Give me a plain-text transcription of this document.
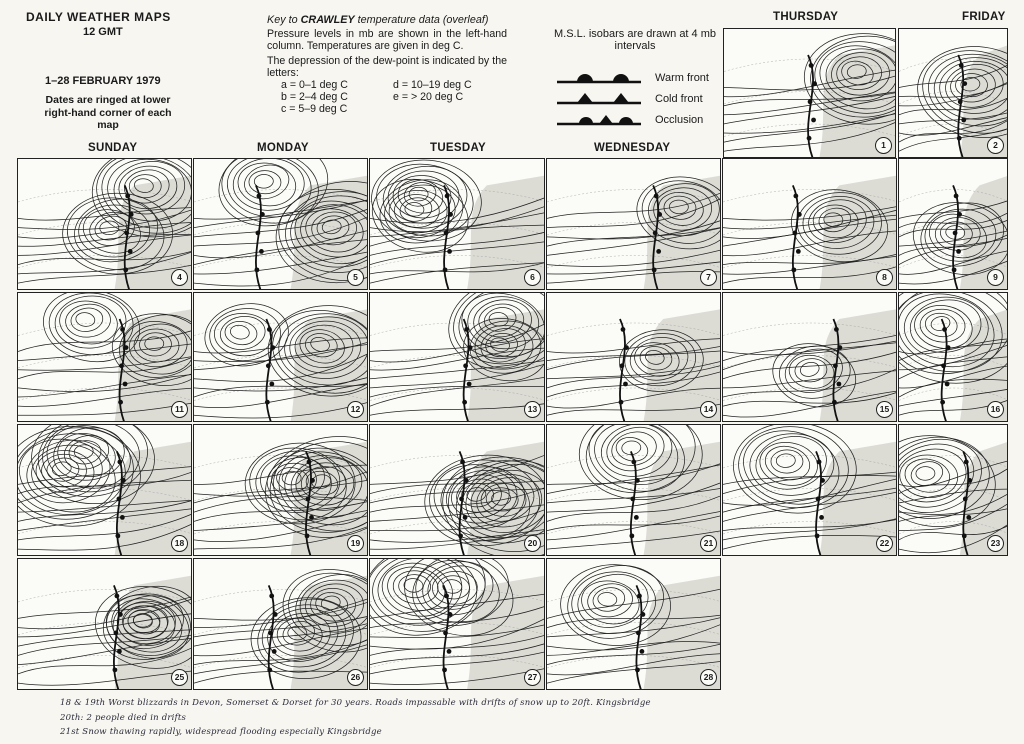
DAILY WEATHER MAPS
12 GMT
1–28 FEBRUARY 1979
Dates are ringed at lower right-hand corner of each map

Key to CRAWLEY temperature data (overleaf)

Pressure levels in mb are shown in the left-hand column. Temperatures are given in deg C.

The depression of the dew-point is indicated by the letters:

a = 0–1 deg C	d = 10–19 deg C
b = 2–4 deg C	e = > 20 deg C
c = 5–9 deg C
M.S.L. isobars are drawn at 4 mb intervals
Warm front
Cold front
Occlusion
SUNDAY	MONDAY	TUESDAY	WEDNESDAY
THURSDAY	FRIDAY
1	2
4	5	6	7	8	9
11	12	13	14	15	16
18	19	20	21	22	23
25	26	27	28
18 & 19th Worst blizzards in Devon, Somerset & Dorset for 30 years. Roads impassable with drifts of snow up to 20ft. Kingsbridge
20th: 2 people died in drifts
21st Snow thawing rapidly, widespread flooding especially Kingsbridge
